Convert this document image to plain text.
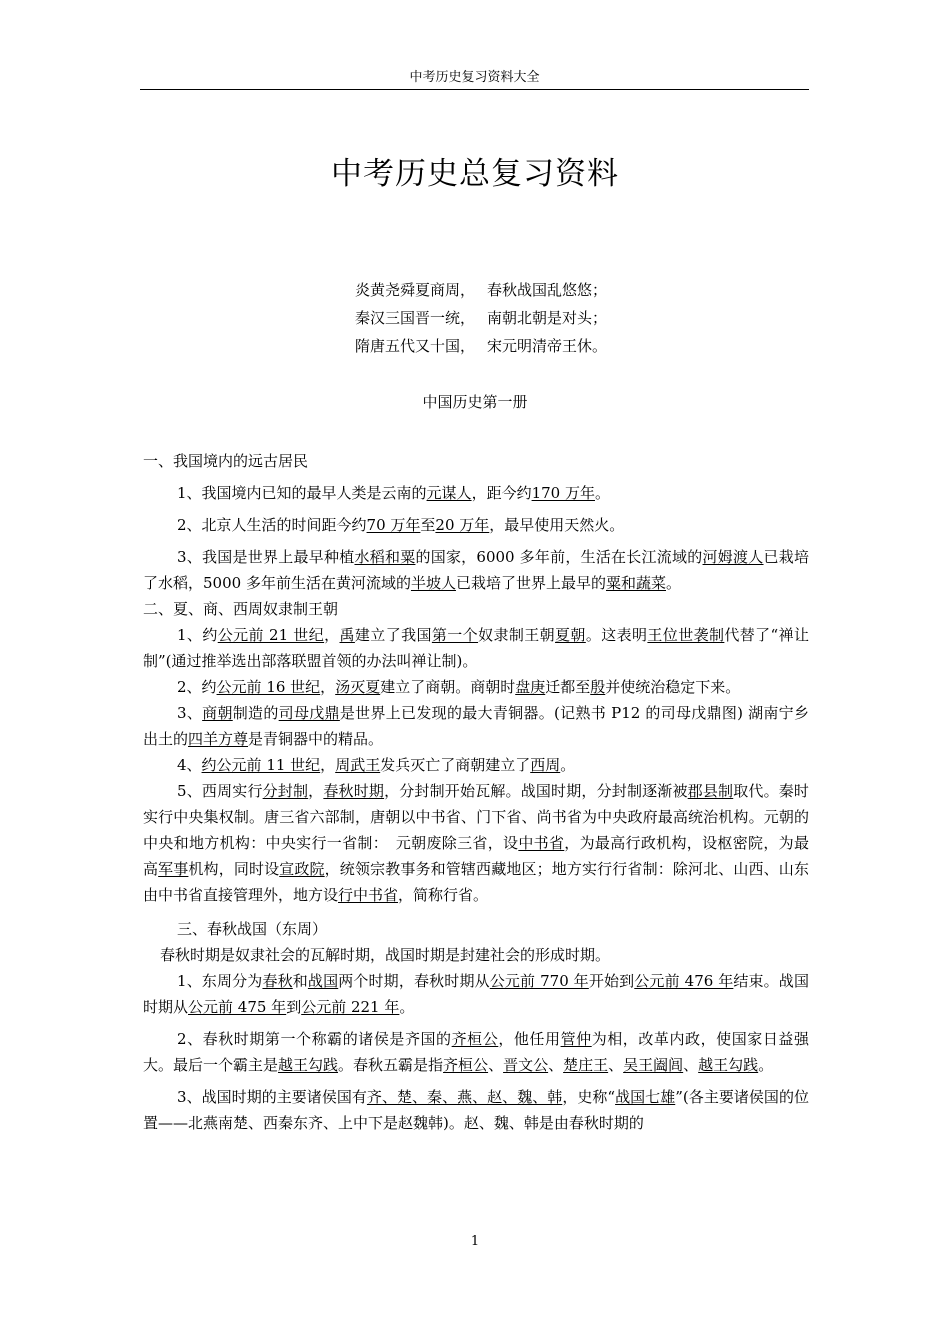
中考历史复习资料大全
中考历史总复习资料
炎黄尧舜夏商周， 春秋战国乱悠悠；
秦汉三国晋一统， 南朝北朝是对头；
隋唐五代又十国， 宋元明清帝王休。
中国历史第一册
一、我国境内的远古居民
1、我国境内已知的最早人类是云南的元谋人，距今约170 万年。
2、北京人生活的时间距今约70 万年至20 万年，最早使用天然火。
3、我国是世界上最早种植水稻和粟的国家，6000 多年前，生活在长江流域的河姆渡人已栽培了水稻，5000 多年前生活在黄河流域的半坡人已栽培了世界上最早的粟和蔬菜。
二、夏、商、西周奴隶制王朝
1、约公元前 21 世纪，禹建立了我国第一个奴隶制王朝夏朝。这表明王位世袭制代替了“禅让制”(通过推举选出部落联盟首领的办法叫禅让制)。
2、约公元前 16 世纪，汤灭夏建立了商朝。商朝时盘庚迁都至殷并使统治稳定下来。
3、商朝制造的司母戊鼎是世界上已发现的最大青铜器。(记熟书 P12 的司母戊鼎图) 湖南宁乡出土的四羊方尊是青铜器中的精品。
4、约公元前 11 世纪，周武王发兵灭亡了商朝建立了西周。
5、西周实行分封制，春秋时期，分封制开始瓦解。战国时期，分封制逐渐被郡县制取代。秦时实行中央集权制。唐三省六部制，唐朝以中书省、门下省、尚书省为中央政府最高统治机构。元朝的中央和地方机构：中央实行一省制：　元朝废除三省，设中书省，为最高行政机构，设枢密院，为最高军事机构，同时设宣政院，统领宗教事务和管辖西藏地区；地方实行行省制：除河北、山西、山东由中书省直接管理外，地方设行中书省，简称行省。
三、春秋战国（东周）
春秋时期是奴隶社会的瓦解时期，战国时期是封建社会的形成时期。
1、东周分为春秋和战国两个时期，春秋时期从公元前 770 年开始到公元前 476 年结束。战国时期从公元前 475 年到公元前 221 年。
2、春秋时期第一个称霸的诸侯是齐国的齐桓公，他任用管仲为相，改革内政，使国家日益强大。最后一个霸主是越王勾践。春秋五霸是指齐桓公、晋文公、楚庄王、吴王阖闾、越王勾践。
3、战国时期的主要诸侯国有齐、楚、秦、燕、赵、魏、韩，史称“战国七雄”(各主要诸侯国的位置——北燕南楚、西秦东齐、上中下是赵魏韩)。赵、魏、韩是由春秋时期的
1
